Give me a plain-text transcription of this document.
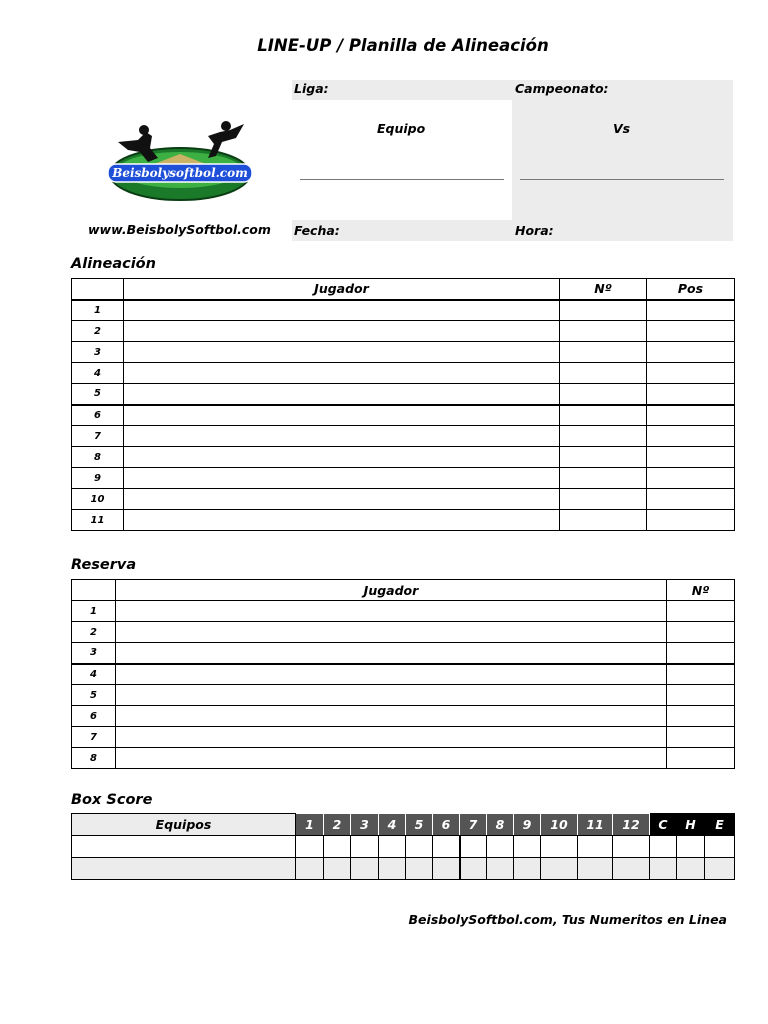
LINE-UP / Planilla de Alineación
Beisbolysoftbol.com
www.BeisbolySoftbol.com
Liga:	Campeonato:
Equipo	Vs
Fecha:	Hora:
Alineación
	Jugador	Nº	Pos
1			
2			
3			
4			
5			
6			
7			
8			
9			
10			
11			
Reserva
	Jugador	Nº
1		
2		
3		
4		
5		
6		
7		
8		
Box Score
Equipos	1	2	3	4	5	6	7	8	9	10	11	12	C	H	E

BeisbolySoftbol.com, Tus Numeritos en Linea
